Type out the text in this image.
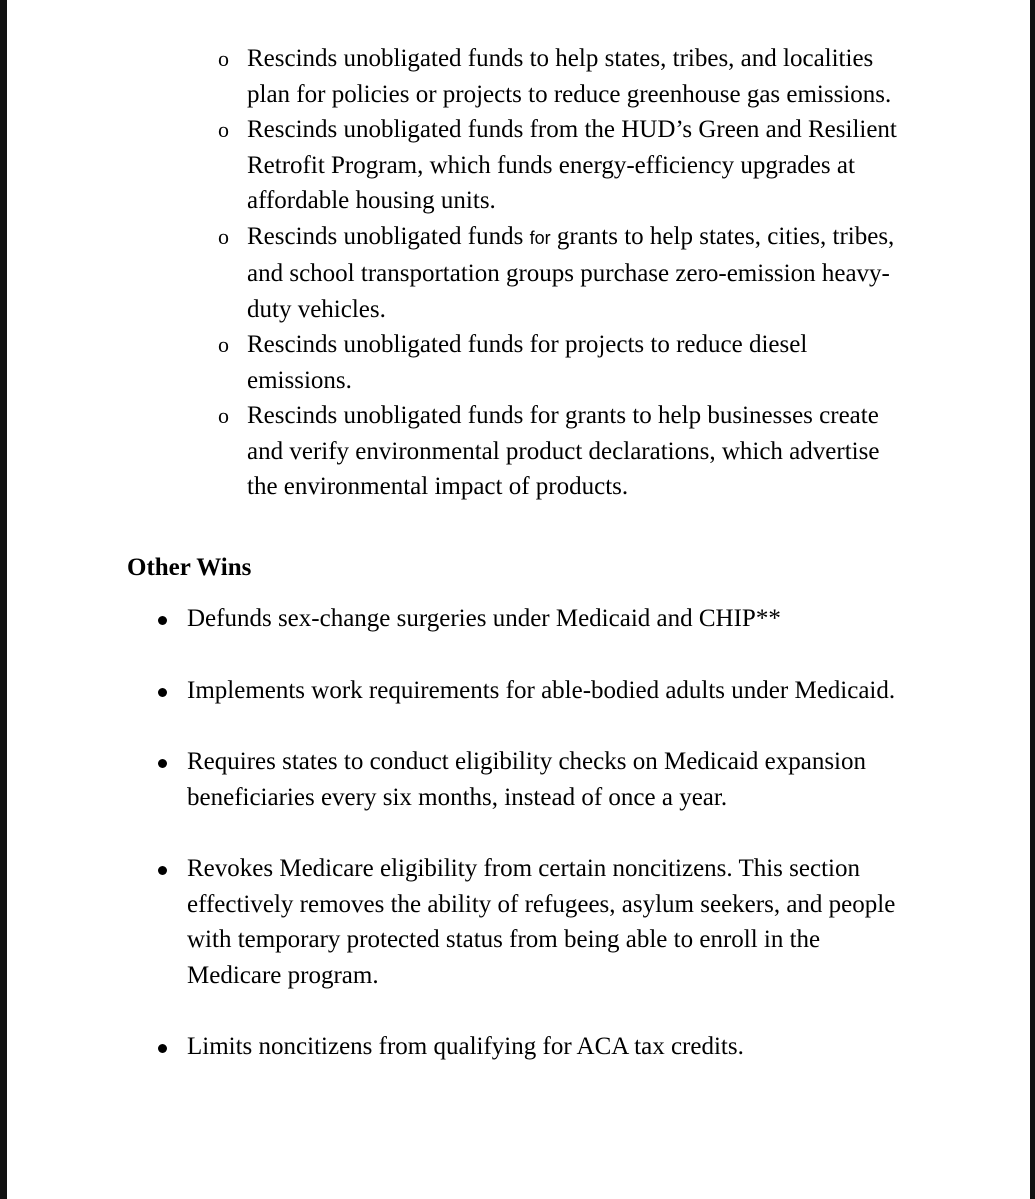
o Rescinds unobligated funds to help states, tribes, and localities plan for policies or projects to reduce greenhouse gas emissions.
o Rescinds unobligated funds from the HUD’s Green and Resilient Retrofit Program, which funds energy-efficiency upgrades at affordable housing units.
o Rescinds unobligated funds for grants to help states, cities, tribes, and school transportation groups purchase zero-emission heavy-duty vehicles.
o Rescinds unobligated funds for projects to reduce diesel emissions.
o Rescinds unobligated funds for grants to help businesses create and verify environmental product declarations, which advertise the environmental impact of products.
Other Wins
Defunds sex-change surgeries under Medicaid and CHIP**
Implements work requirements for able-bodied adults under Medicaid.
Requires states to conduct eligibility checks on Medicaid expansion beneficiaries every six months, instead of once a year.
Revokes Medicare eligibility from certain noncitizens. This section effectively removes the ability of refugees, asylum seekers, and people with temporary protected status from being able to enroll in the Medicare program.
Limits noncitizens from qualifying for ACA tax credits.
